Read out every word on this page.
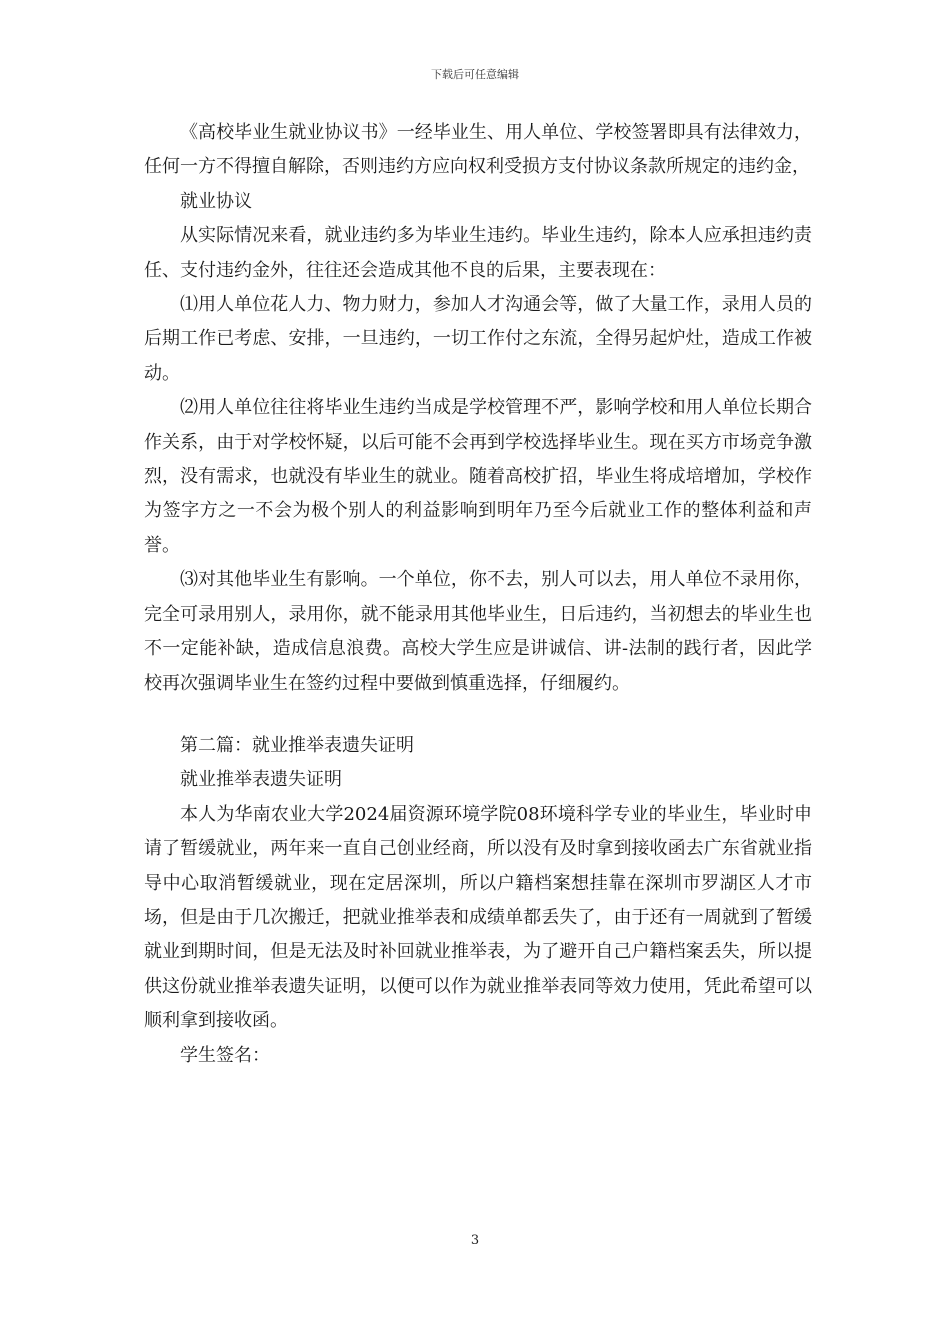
下载后可任意编辑

《高校毕业生就业协议书》一经毕业生、用人单位、学校签署即具有法律效力，任何一方不得擅自解除，否则违约方应向权利受损方支付协议条款所规定的违约金，

就业协议

从实际情况来看，就业违约多为毕业生违约。毕业生违约，除本人应承担违约责任、支付违约金外，往往还会造成其他不良的后果，主要表现在：

⑴用人单位花人力、物力财力，参加人才沟通会等，做了大量工作，录用人员的后期工作已考虑、安排，一旦违约，一切工作付之东流，全得另起炉灶，造成工作被动。

⑵用人单位往往将毕业生违约当成是学校管理不严，影响学校和用人单位长期合作关系，由于对学校怀疑，以后可能不会再到学校选择毕业生。现在买方市场竞争激烈，没有需求，也就没有毕业生的就业。随着高校扩招，毕业生将成培增加，学校作为签字方之一不会为极个别人的利益影响到明年乃至今后就业工作的整体利益和声誉。

⑶对其他毕业生有影响。一个单位，你不去，别人可以去，用人单位不录用你，完全可录用别人，录用你，就不能录用其他毕业生，日后违约，当初想去的毕业生也不一定能补缺，造成信息浪费。高校大学生应是讲诚信、讲-法制的践行者，因此学校再次强调毕业生在签约过程中要做到慎重选择，仔细履约。

第二篇：就业推举表遗失证明

就业推举表遗失证明

本人为华南农业大学2024届资源环境学院08环境科学专业的毕业生，毕业时申请了暂缓就业，两年来一直自己创业经商，所以没有及时拿到接收函去广东省就业指导中心取消暂缓就业，现在定居深圳，所以户籍档案想挂靠在深圳市罗湖区人才市场，但是由于几次搬迁，把就业推举表和成绩单都丢失了，由于还有一周就到了暂缓就业到期时间，但是无法及时补回就业推举表，为了避开自己户籍档案丢失，所以提供这份就业推举表遗失证明，以便可以作为就业推举表同等效力使用，凭此希望可以顺利拿到接收函。

学生签名：

3
